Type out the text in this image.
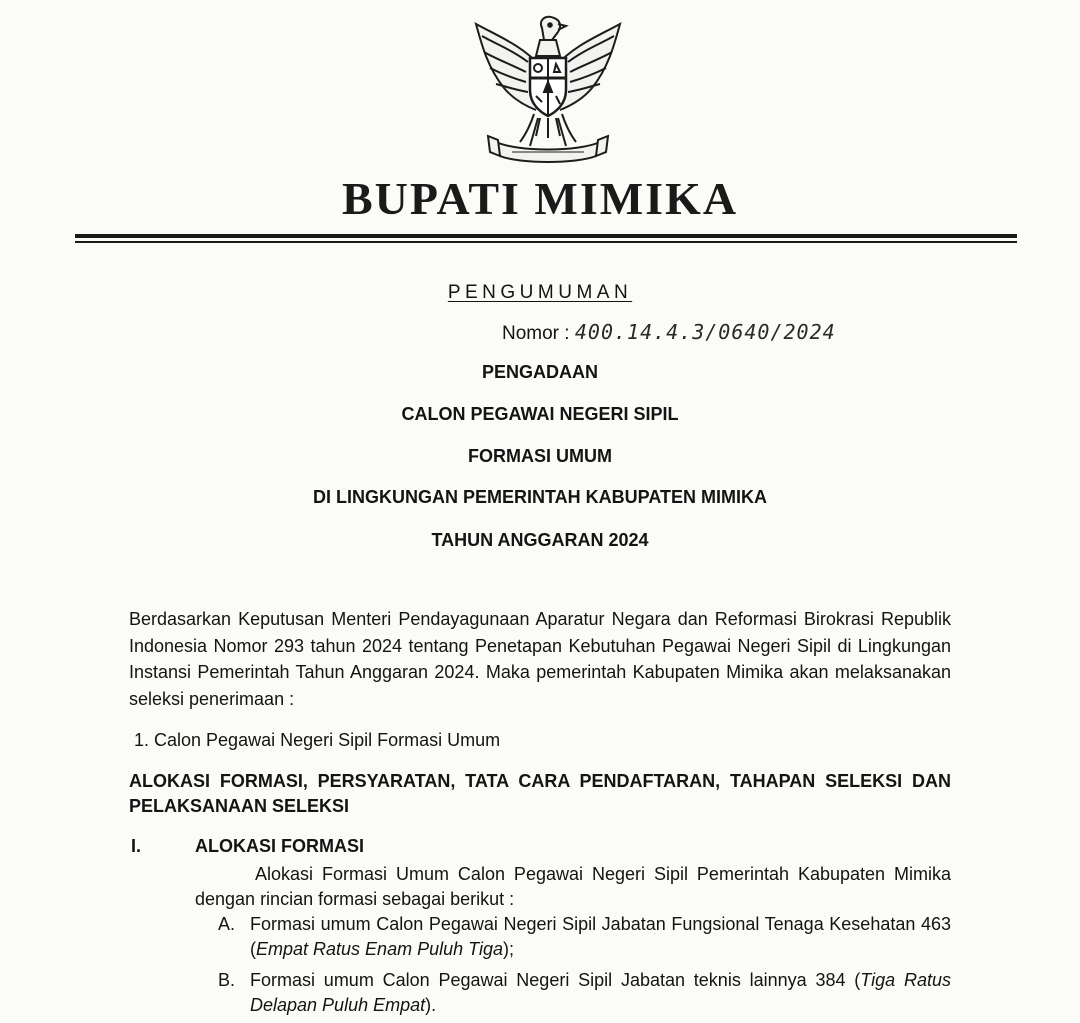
BUPATI MIMIKA
PENGUMUMAN
Nomor : 400.14.4.3/0640/2024
PENGADAAN
CALON PEGAWAI NEGERI SIPIL
FORMASI UMUM
DI LINGKUNGAN PEMERINTAH KABUPATEN MIMIKA
TAHUN ANGGARAN 2024
Berdasarkan Keputusan Menteri Pendayagunaan Aparatur Negara dan Reformasi Birokrasi Republik Indonesia Nomor 293 tahun 2024 tentang Penetapan Kebutuhan Pegawai Negeri Sipil di Lingkungan Instansi Pemerintah Tahun Anggaran 2024. Maka pemerintah Kabupaten Mimika akan melaksanakan seleksi penerimaan :
1. Calon Pegawai Negeri Sipil Formasi Umum
ALOKASI FORMASI, PERSYARATAN, TATA CARA PENDAFTARAN, TAHAPAN SELEKSI DAN PELAKSANAAN SELEKSI
I.	ALOKASI FORMASI
Alokasi Formasi Umum Calon Pegawai Negeri Sipil Pemerintah Kabupaten Mimika dengan rincian formasi sebagai berikut :
A. Formasi umum Calon Pegawai Negeri Sipil Jabatan Fungsional Tenaga Kesehatan 463 (Empat Ratus Enam Puluh Tiga);
B. Formasi umum Calon Pegawai Negeri Sipil Jabatan teknis lainnya 384 (Tiga Ratus Delapan Puluh Empat).
